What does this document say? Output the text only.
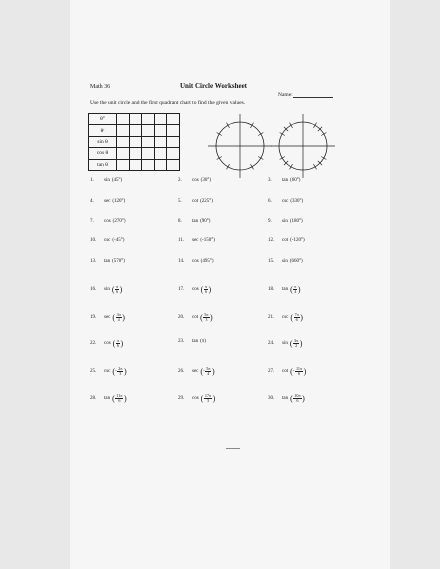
Math 36	Unit Circle Worksheet
Name:
Use the unit circle and the first quadrant chart to find the given values.
θ°					
θʳ					
sin θ					
cos θ					
tan θ					
1.	sin (45°)	2.	cos (30°)	3.	tan (60°)
4.	sec (120°)	5.	cot (225°)	6.	csc (330°)
7.	cos (270°)	8.	tan (90°)	9.	sin (180°)
10.	csc (-45°)	11.	sec (-150°)	12.	cot (-120°)
13.	tan (570°)	14.	cos (495°)	15.	sin (660°)
16.	sin ( $\frac{\pi}{6}$ )	17.	cos ( $\frac{\pi}{6}$ )	18.	tan ( $\frac{\pi}{4}$ )
19.	sec ( $\frac{3\pi}{4}$ )	20.	cot ( $\frac{5\pi}{3}$ )	21.	csc ( $\frac{7\pi}{6}$ )
22.	cos ( $\frac{\pi}{6}$ )	23.	tan (π)	24.	sin ( $\frac{3\pi}{2}$ )
25.	csc ( - $\frac{2\pi}{3}$ )	26.	sec ( - $\frac{5\pi}{4}$ )	27.	cot ( - $\frac{11\pi}{6}$ )
28.	tan ( $\frac{11\pi}{6}$ )	29.	cos ( $\frac{17\pi}{3}$ )	30.	tan ( $\frac{10\pi}{6}$ )
